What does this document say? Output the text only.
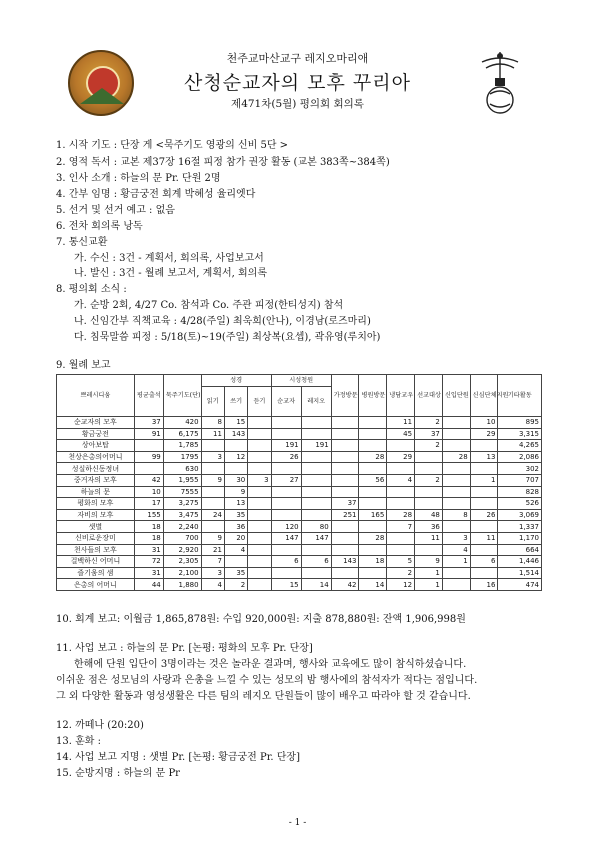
천주교마산교구 레지오마리애
산청순교자의 모후 꾸리아
제471차(5월) 평의회 회의록
1. 시작 기도 : 단장 게 <묵주기도 영광의 신비 5단 >
2. 영적 독서 : 교본 제37장 16절 피정 참가 권장 활동 (교본 383쪽~384쪽)
3. 인사 소개 : 하늘의 문 Pr. 단원 2명
4. 간부 임명 : 황금궁전 회계 박혜성 율리엣다
5. 선거 및 선거 예고 : 없음
6. 전차 회의록 낭독
7. 통신교환
가. 수신 : 3건 - 계획서, 회의록, 사업보고서
나. 발신 : 3건 - 월례 보고서, 계획서, 회의록
8. 평의회 소식 :
가. 순방 2회, 4/27 Co. 참석과 Co. 주관 피정(한티성지) 참석
나. 신임간부 직책교육 : 4/28(주일) 최욱희(안나), 이경남(로즈마리)
다. 침묵말씀 피정 : 5/18(토)~19(주일) 최상복(요셉), 곽유영(루치아)
9. 월례 보고
쁘레시디움	평균출석	묵주기도(단)	성경			시성청원		가정방문	병원방문	냉담교우	선교대상	신입단원	신심단체지원	기타활동
			읽기	쓰기	듣기	순교자	레지오							
순교자의 모후	37	420	8	15						11	2		10	895
황금궁전	91	6,175	11	143						45	37		29	3,315
상아보탑		1,785				191	191				2			4,265
천상은총의어머니	99	1795	3	12		26			28	29		28	13	2,086
성실하신동정녀		630												302
중거자의 모후	42	1,955	9	30	3	27			56	4	2		1	707
하늘의 문	10	7555		9										828
평화의 모후	17	3,275		13				37						526
자비의 모후	155	3,475	24	35				251	165	28	48	8	26	3,069
샛별	18	2,240		36		120	80			7	36			1,337
신비로운장미	18	700	9	20		147	147		28		11	3	11	1,170
천사들의 모후	31	2,920	21	4								4		664
걸백하신 어머니	72	2,305	7			6	6	143	18	5	9	1	6	1,446
즐기움의 샘	31	2,100	3	35						2	1			1,514
은총의 어머니	44	1,880	4	2		15	14	42	14	12	1		16	474
10. 회계 보고: 이월금 1,865,878원: 수입 920,000원: 지출 878,880원: 잔액 1,906,998원
11. 사업 보고 : 하늘의 문 Pr. [논평: 평화의 모후 Pr. 단장]
한해에 단원 입단이 3명이라는 것은 놀라운 결과며, 행사와 교육에도 많이 참식하셨습니다.
이쉬운 점은 성모님의 사랑과 은총을 느낄 수 있는 성모의 밤 행사에의 참석자가 적다는 점입니다.
그 외 다양한 활동과 영성생활은 다른 팀의 레지오 단원들이 많이 배우고 따라야 할 것 같습니다.
12. 까떼나 (20:20)
13. 훈화 :
14. 사업 보고 지명 : 샛별 Pr. [논평: 황금궁전 Pr. 단장]
15. 순방지명 : 하늘의 문 Pr
- 1 -
